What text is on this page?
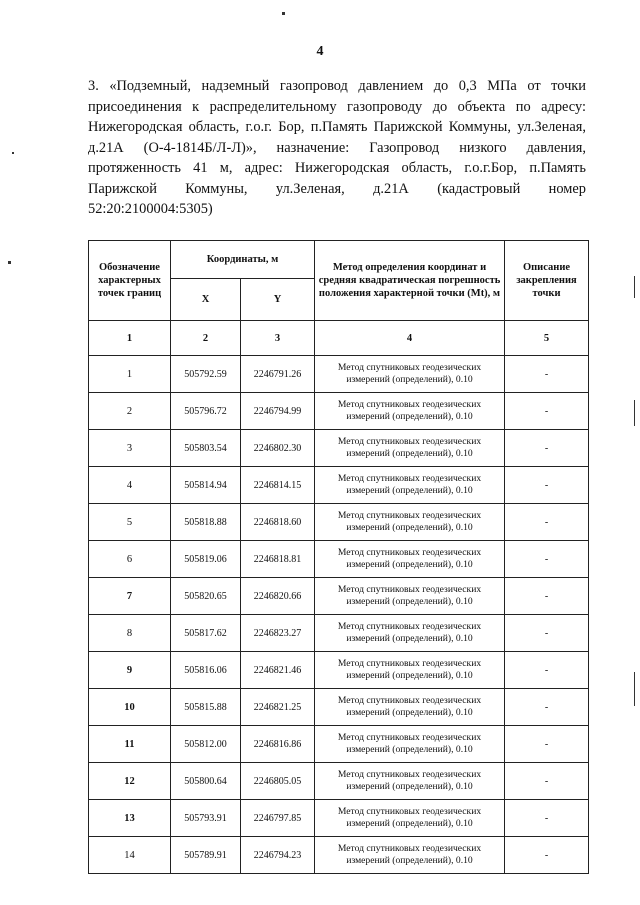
4
3. «Подземный, надземный газопровод давлением до 0,3 МПа от точки присоединения к распределительному газопроводу до объекта по адресу: Нижегородская область, г.о.г. Бор, п.Память Парижской Коммуны, ул.Зеленая, д.21А (О-4-1814Б/Л-Л)», назначение: Газопровод низкого давления, протяженность 41 м, адрес: Нижегородская область, г.о.г.Бор, п.Память Парижской Коммуны, ул.Зеленая, д.21А (кадастровый номер 52:20:2100004:5305)
Обозначение характерных точек границ	Координаты, м		Метод определения координат и средняя квадратическая погрешность положения характерной точки (Mt), м	Описание закрепления точки
	X	Y		
1	2	3	4	5
1	505792.59	2246791.26	Метод спутниковых геодезических измерений (определений), 0.10	-
2	505796.72	2246794.99	Метод спутниковых геодезических измерений (определений), 0.10	-
3	505803.54	2246802.30	Метод спутниковых геодезических измерений (определений), 0.10	-
4	505814.94	2246814.15	Метод спутниковых геодезических измерений (определений), 0.10	-
5	505818.88	2246818.60	Метод спутниковых геодезических измерений (определений), 0.10	-
6	505819.06	2246818.81	Метод спутниковых геодезических измерений (определений), 0.10	-
7	505820.65	2246820.66	Метод спутниковых геодезических измерений (определений), 0.10	-
8	505817.62	2246823.27	Метод спутниковых геодезических измерений (определений), 0.10	-
9	505816.06	2246821.46	Метод спутниковых геодезических измерений (определений), 0.10	-
10	505815.88	2246821.25	Метод спутниковых геодезических измерений (определений), 0.10	-
11	505812.00	2246816.86	Метод спутниковых геодезических измерений (определений), 0.10	-
12	505800.64	2246805.05	Метод спутниковых геодезических измерений (определений), 0.10	-
13	505793.91	2246797.85	Метод спутниковых геодезических измерений (определений), 0.10	-
14	505789.91	2246794.23	Метод спутниковых геодезических измерений (определений), 0.10	-
